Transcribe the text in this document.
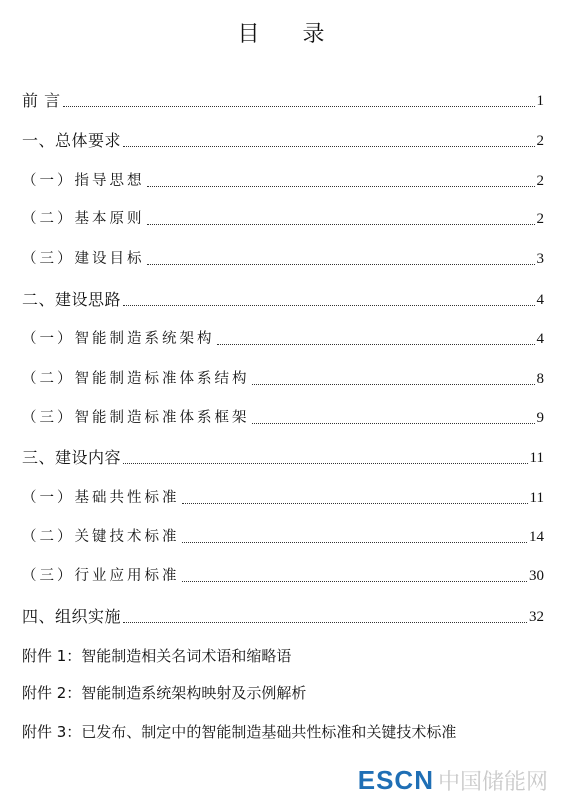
目 录
前 言	1
一、总体要求	2
（一）指导思想	2
（二）基本原则	2
（三）建设目标	3
二、建设思路	4
（一）智能制造系统架构	4
（二）智能制造标准体系结构	8
（三）智能制造标准体系框架	9
三、建设内容	11
（一）基础共性标准	11
（二）关键技术标准	14
（三）行业应用标准	30
四、组织实施	32
附件 1：智能制造相关名词术语和缩略语
附件 2：智能制造系统架构映射及示例解析
附件 3：已发布、制定中的智能制造基础共性标准和关键技术标准
ESCN 中国储能网
